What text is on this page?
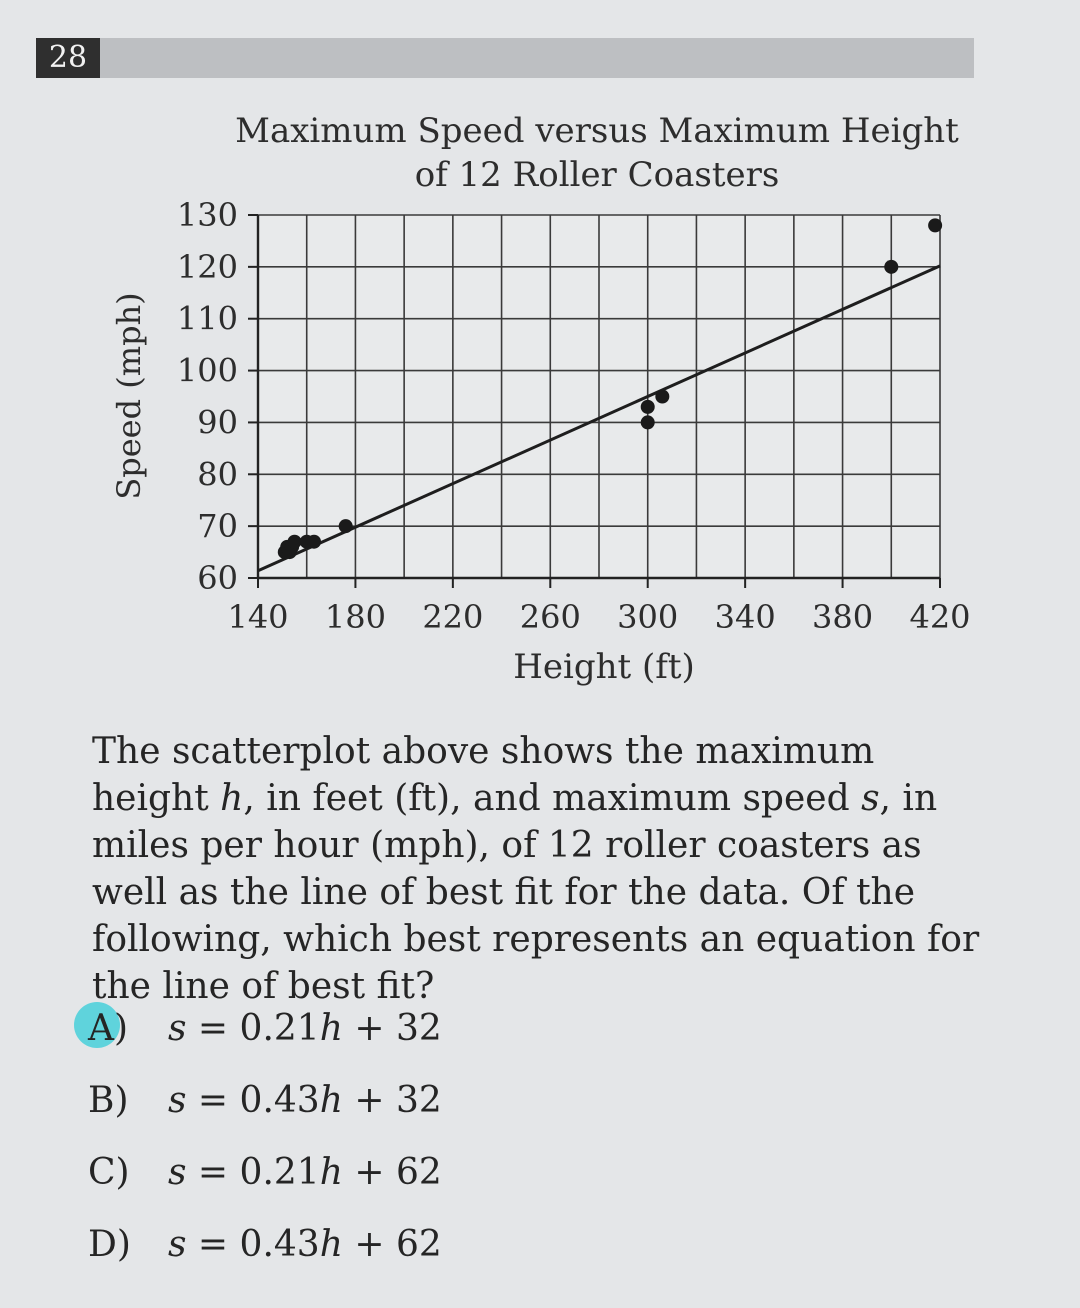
28
Maximum Speed versus Maximum Height
of 12 Roller Coasters
60
70
80
90
100
110
120
130
140 180 220 260 300 340 380 420
Height (ft)
Speed (mph)
The scatterplot above shows the maximum height h, in feet (ft), and maximum speed s, in miles per hour (mph), of 12 roller coasters as well as the line of best fit for the data. Of the following, which best represents an equation for the line of best fit?
A)	s = 0.21h + 32
B)	s = 0.43h + 32
C)	s = 0.21h + 62
D)	s = 0.43h + 62
